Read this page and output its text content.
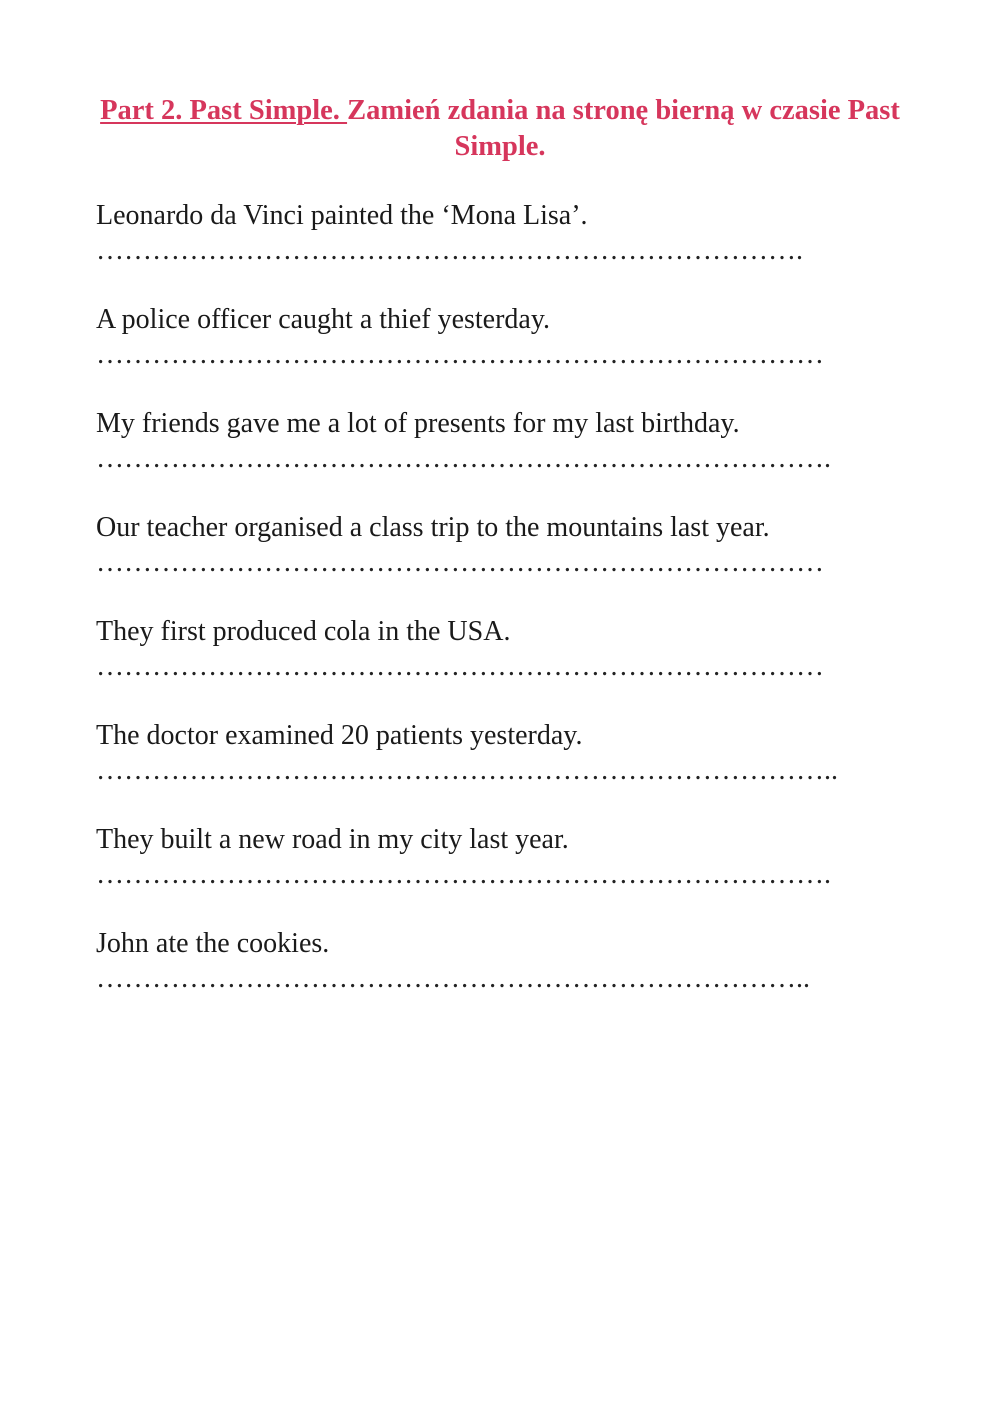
Part 2. Past Simple. Zamień zdania na stronę bierną w czasie Past Simple.
Leonardo da Vinci painted the ‘Mona Lisa’.
………………………………………………………………….
A police officer caught a thief yesterday.
……………………………………………………………………
My friends gave me a lot of presents for my last birthday.
…………………………………………………………………….
Our teacher organised a class trip to the mountains last year.
……………………………………………………………………
They first produced cola in the USA.
……………………………………………………………………
The doctor examined 20 patients yesterday.
……………………………………………………………………..
They built a new road in my city last year.
…………………………………………………………………….
John ate the cookies.
…………………………………………………………………..
